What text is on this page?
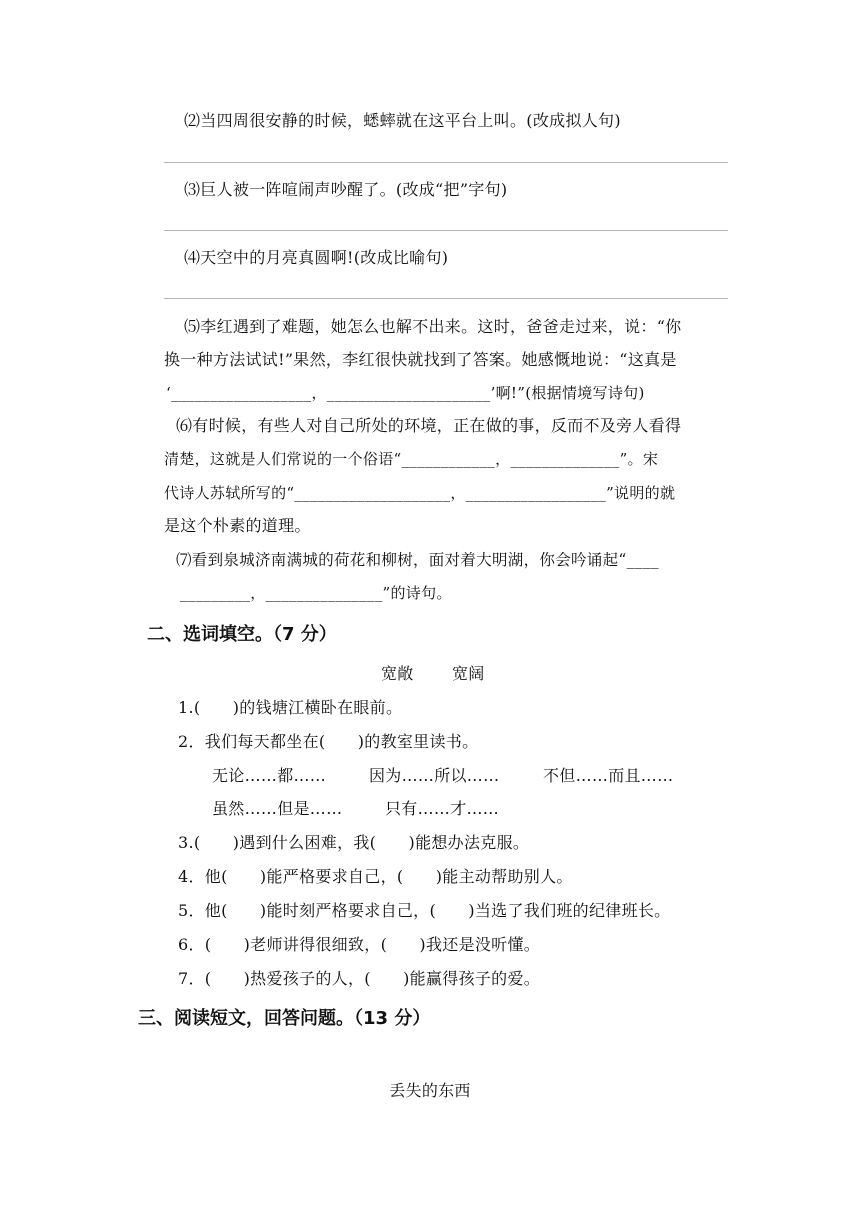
⑵当四周很安静的时候，蟋蟀就在这平台上叫。(改成拟人句)
⑶巨人被一阵喧闹声吵醒了。(改成“把”字句)
⑷天空中的月亮真圆啊!(改成比喻句)
⑸李红遇到了难题，她怎么也解不出来。这时，爸爸走过来，说：“你
换一种方法试试!”果然，李红很快就找到了答案。她感慨地说：“这真是
‘__________________，_____________________’啊!”(根据情境写诗句)
⑹有时候，有些人对自己所处的环境，正在做的事，反而不及旁人看得
清楚，这就是人们常说的一个俗语“____________，______________”。宋
代诗人苏轼所写的“____________________，__________________”说明的就
是这个朴素的道理。
⑺看到泉城济南满城的荷花和柳树，面对着大明湖，你会吟诵起“____
_________，_______________”的诗句。
二、选词填空。（7 分）
宽敞 宽阔
1.(      )的钱塘江横卧在眼前。
2．我们每天都坐在(      )的教室里读书。
无论……都……	因为……所以……	不但……而且……
虽然……但是……	只有……才……
3.(      )遇到什么困难，我(      )能想办法克服。
4．他(      )能严格要求自己，(      )能主动帮助别人。
5．他(      )能时刻严格要求自己，(      )当选了我们班的纪律班长。
6．(      )老师讲得很细致，(      )我还是没听懂。
7．(      )热爱孩子的人，(      )能赢得孩子的爱。
三、阅读短文，回答问题。（13 分）
丢失的东西
